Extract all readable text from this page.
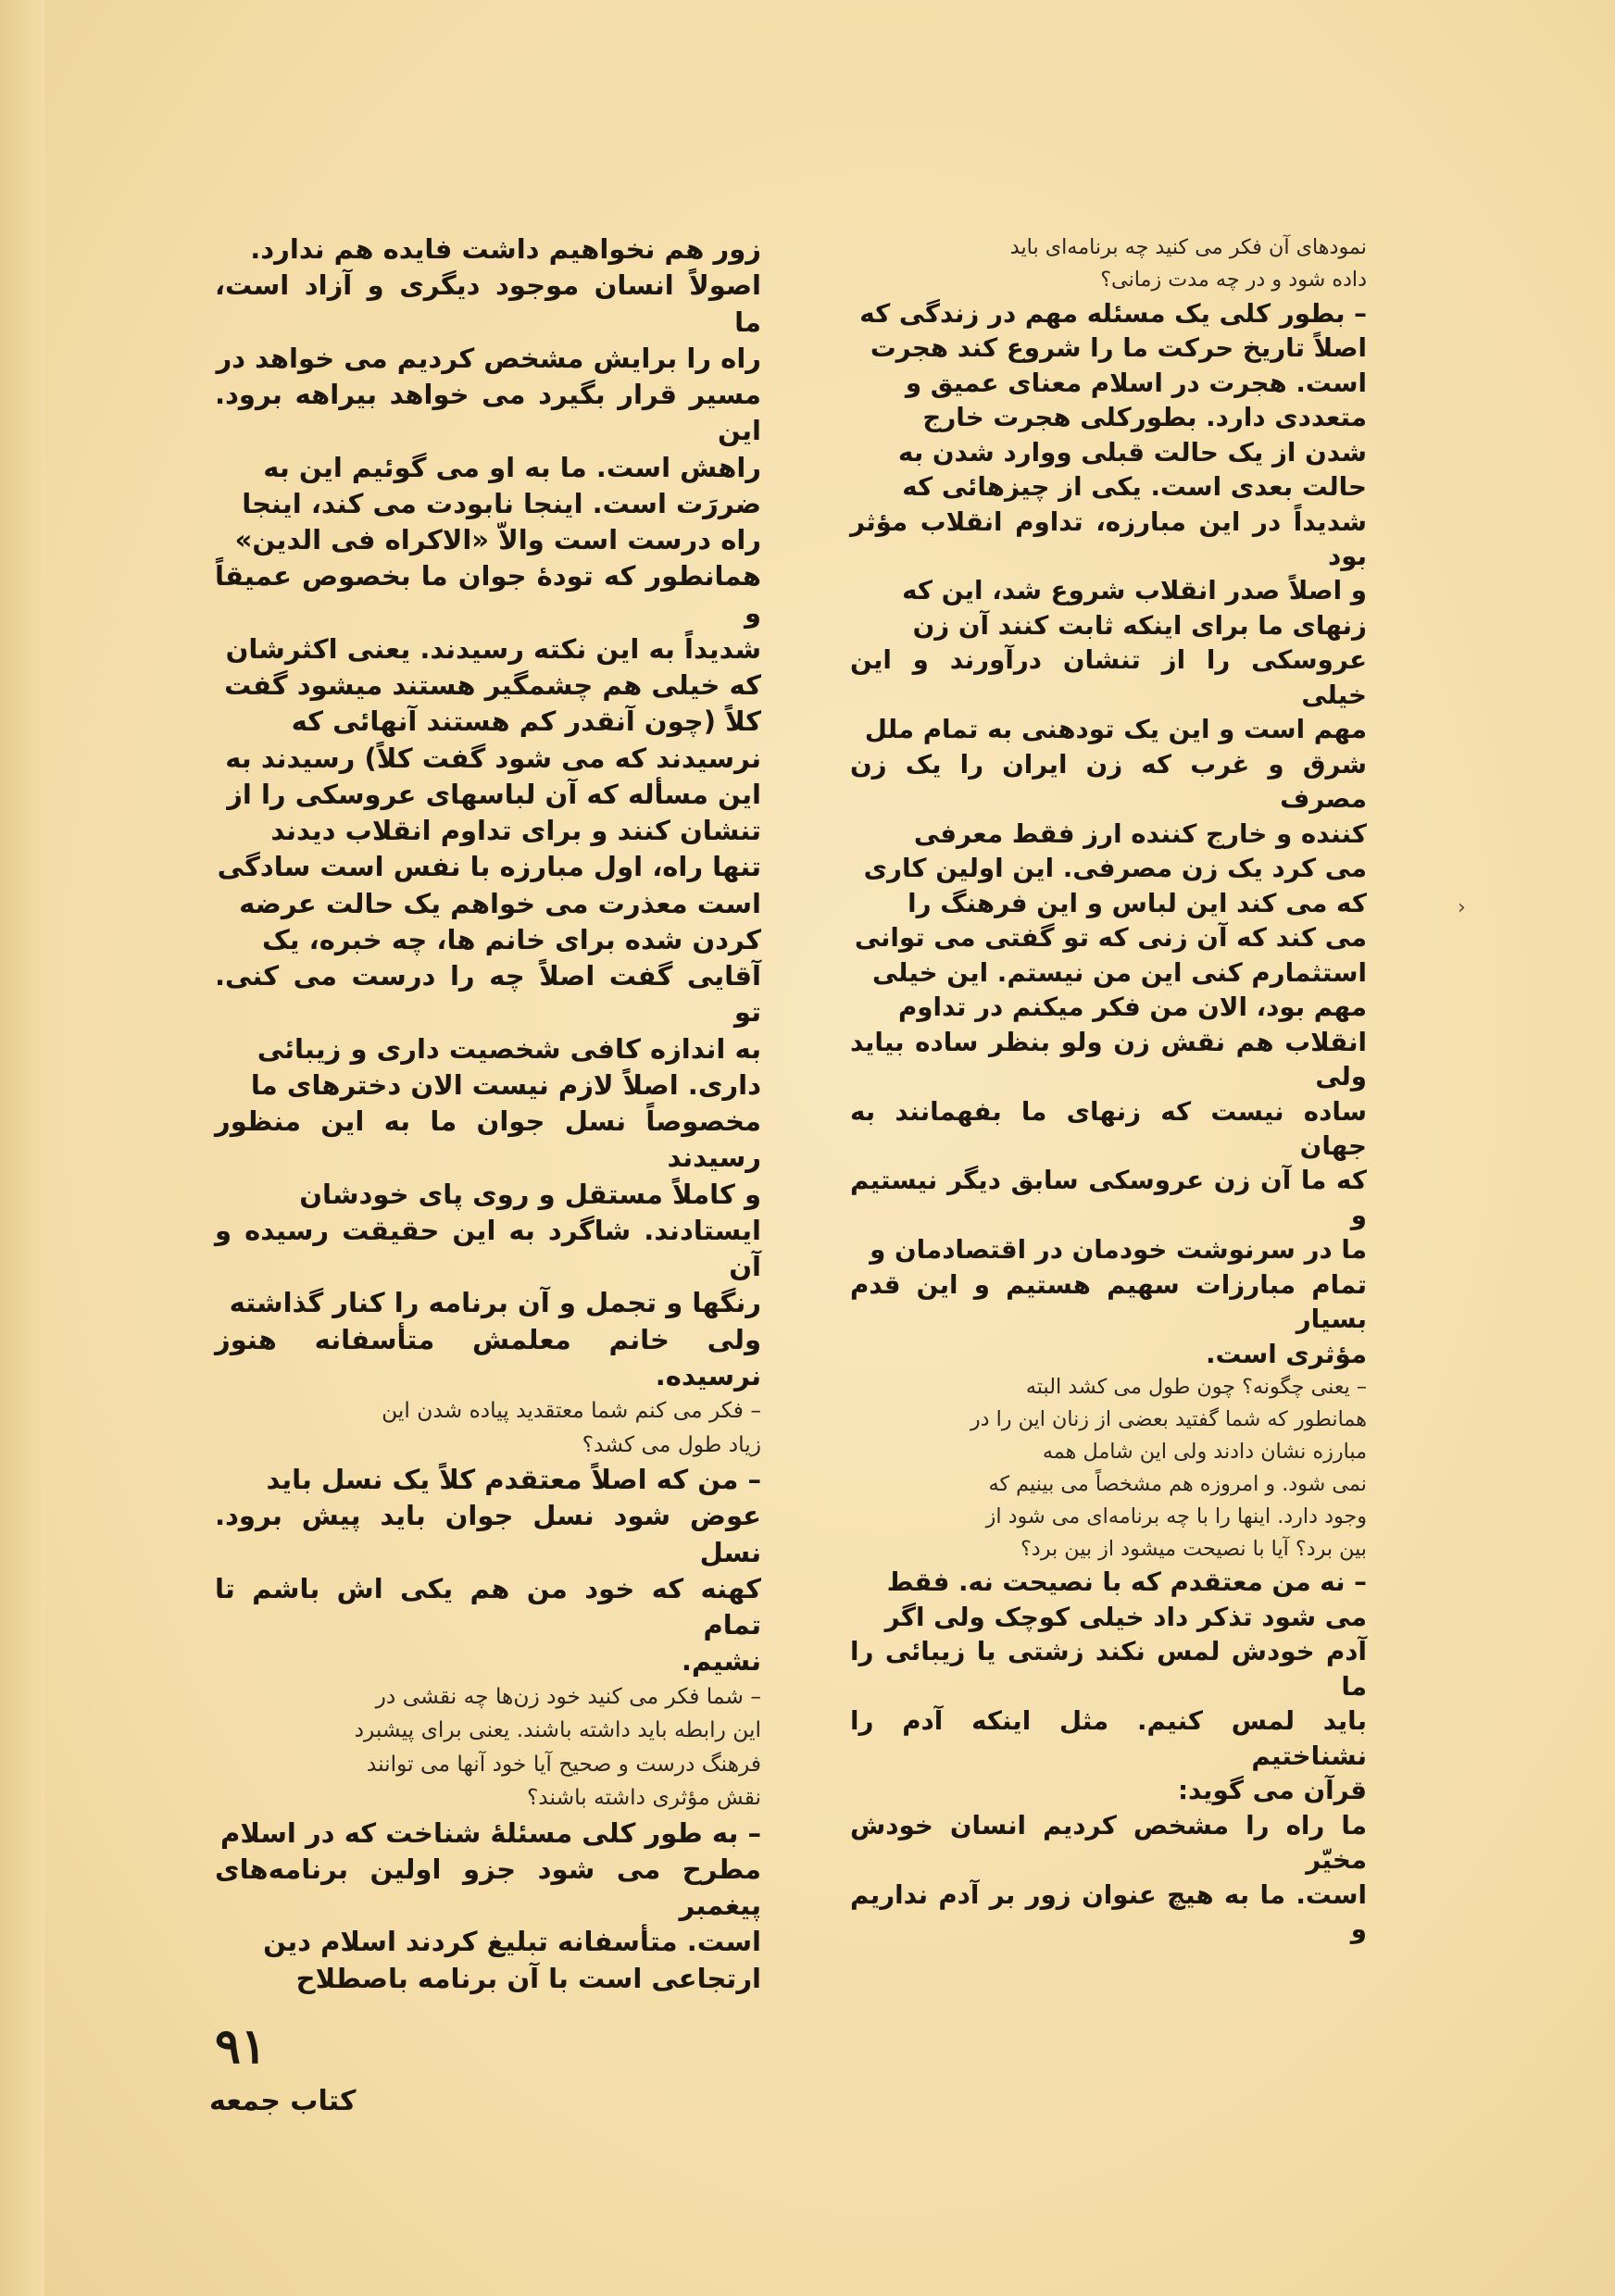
نمودهای آن فکر می کنید چه برنامه‌ای باید
داده شود و در چه مدت زمانی؟

– بطور کلی یک مسئله مهم در زندگی که
اصلاً تاریخ حرکت ما را شروع کند هجرت
است. هجرت در اسلام معنای عمیق و
متعددی دارد. بطورکلی هجرت خارج
شدن از یک حالت قبلی ووارد شدن به
حالت بعدی است. یکی از چیزهائی که
شدیداً در این مبارزه، تداوم انقلاب مؤثر بود
و اصلاً صدر انقلاب شروع شد، این که
زنهای ما برای اینکه ثابت کنند آن زن
عروسکی را از تنشان درآورند و این خیلی
مهم است و این یک تودهنی به تمام ملل
شرق و غرب که زن ایران را یک زن مصرف
کننده و خارج کننده ارز فقط معرفی
می کرد یک زن مصرفی. این اولین کاری
که می کند این لباس و این فرهنگ را
می کند که آن زنی که تو گفتی می توانی
استثمارم کنی این من نیستم. این خیلی
مهم بود، الان من فکر میکنم در تداوم
انقلاب هم نقش زن ولو بنظر ساده بیاید ولی
ساده نیست که زنهای ما بفهمانند به جهان
که ما آن زن عروسکی سابق دیگر نیستیم و
ما در سرنوشت خودمان در اقتصادمان و
تمام مبارزات سهیم هستیم و این قدم بسیار
مؤثری است.

– یعنی چگونه؟ چون طول می کشد البته
همانطور که شما گفتید بعضی از زنان این را در
مبارزه نشان دادند ولی این شامل همه
نمی شود. و امروزه هم مشخصاً می بینیم که
وجود دارد. اینها را با چه برنامه‌ای می شود از
بین برد؟ آیا با نصیحت میشود از بین برد؟

– نه من معتقدم که با نصیحت نه. فقط
می شود تذکر داد خیلی کوچک ولی اگر
آدم خودش لمس نکند زشتی یا زیبائی را ما
باید لمس کنیم. مثل اینکه آدم را نشناختیم
قرآن می گوید:
ما راه را مشخص کردیم انسان خودش مخیّر
است. ما به هیچ عنوان زور بر آدم نداریم و

زور هم نخواهیم داشت فایده هم ندارد.
اصولاً انسان موجود دیگری و آزاد است، ما
راه را برایش مشخص کردیم می خواهد در
مسیر قرار بگیرد می خواهد بیراهه برود. این
راهش است. ما به او می گوئیم این به
ضررَت است. اینجا نابودت می کند، اینجا
راه درست است والاّ «الاکراه فی الدین»
همانطور که تودهٔ جوان ما بخصوص عمیقاً و
شدیداً به این نکته رسیدند. یعنی اکثرشان
که خیلی هم چشمگیر هستند میشود گفت
کلاً (چون آنقدر کم هستند آنهائی که
نرسیدند که می شود گفت کلاً) رسیدند به
این مسأله که آن لباسهای عروسکی را از
تنشان کنند و برای تداوم انقلاب دیدند
تنها راه، اول مبارزه با نفس است سادگی
است معذرت می خواهم یک حالت عرضه
کردن شده برای خانم ها، چه خبره، یک
آقایی گفت اصلاً چه را درست می کنی. تو
به اندازه کافی شخصیت داری و زیبائی
داری. اصلاً لازم نیست الان دخترهای ما
مخصوصاً نسل جوان ما به این منظور رسیدند
و کاملاً مستقل و روی پای خودشان
ایستادند. شاگرد به این حقیقت رسیده و آن
رنگها و تجمل و آن برنامه را کنار گذاشته
ولی خانم معلمش متأسفانه هنوز نرسیده.

– فکر می کنم شما معتقدید پیاده شدن این
زیاد طول می کشد؟

– من که اصلاً معتقدم کلاً یک نسل باید
عوض شود نسل جوان باید پیش برود. نسل
کهنه که خود من هم یکی اش باشم تا تمام
نشیم.

– شما فکر می کنید خود زن‌ها چه نقشی در
این رابطه باید داشته باشند. یعنی برای پیشبرد
فرهنگ درست و صحیح آیا خود آنها می توانند
نقش مؤثری داشته باشند؟

– به طور کلی مسئلهٔ شناخت که در اسلام
مطرح می شود جزو اولین برنامه‌های پیغمبر
است. متأسفانه تبلیغ کردند اسلام دین
ارتجاعی است با آن برنامه باصطلاح

‹
۹۱
کتاب جمعه
